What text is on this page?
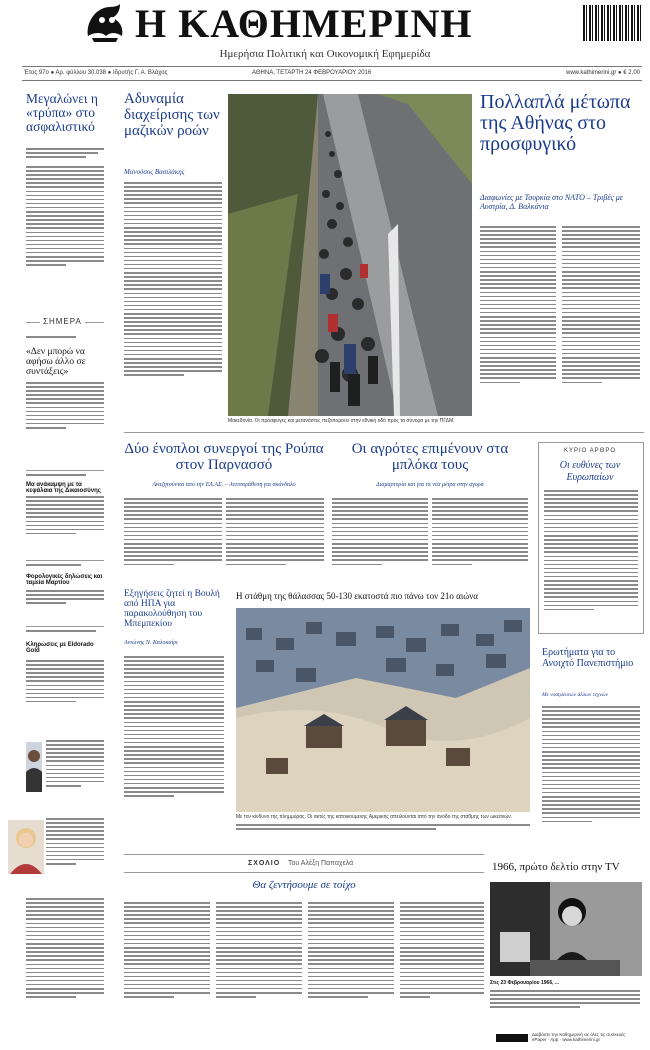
Η ΚΑΘΗΜΕΡΙΝΗ
Ημερήσια Πολιτική και Οικονομική Εφημερίδα
Έτος 97ο ● Αρ. φύλλου 30.038 ● Ιδρυτής Γ. Α. Βλάχος	ΑΘΗΝΑ, ΤΕΤΑΡΤΗ 24 ΦΕΒΡΟΥΑΡΙΟΥ 2016	www.kathimerini.gr ● € 2,00
Μεγαλώνει η «τρύπα» στο ασφαλιστικό
ΣΗΜΕΡΑ
«Δεν μπορώ να αφήσω άλλο σε συντάξεις»
Μα ανάκαμψη με τα κεφάλαια της Δικαιοσύνης
Φορολογικές δηλώσεις και ταμεία Μαρτίου
Κληρώσεις με Eldorado Gold
Αδυναμία διαχείρισης των μαζικών ροών
Μανούσος Βασιλάκης
Μακεδονία. Οι πρόσφυγες και μετανάστες πεζοπορούν στην εθνική οδό προς τα σύνορα με την ΠΓΔΜ.
Πολλαπλά μέτωπα της Αθήνας στο προσφυγικό
Διαφωνίες με Τουρκία στο ΝΑΤΟ – Τριβές με Αυστρία, Δ. Βαλκάνια
Δύο ένοπλοι συνεργοί της Ρούπα στον Παρνασσό
Αναζητούνται από την ΕΛ.ΑΣ. – Αντιπαράθεση για σκάνδαλο
Οι αγρότες επιμένουν στα μπλόκα τους
Διαμαρτυρία και για τα νέα μέτρα στην αγορά
ΚΥΡΙΟ ΑΡΘΡΟ
Οι ευθύνες των Ευρωπαίων
Εξηγήσεις ζητεί η Βουλή από ΗΠΑ για παρακολούθηση του Μπεμπεκίου
Αντώνης Ν. Καλοκαίρι
Η στάθμη της θάλασσας 50-130 εκατοστά πιο πάνω τον 21ο αιώνα
Με τον κίνδυνο της πλημμύρας. Οι ακτές της κατοικούμενης Αμερικής απειλούνται από την άνοδο της στάθμης των ωκεανών.
Ερωτήματα για το Ανοιχτό Πανεπιστήμιο
Με νοσηλευτών άλλων τεχνών
ΣΧΟΛΙΟ Του Αλέξη Παπαχελά
Θα ζεντήσουμε σε τοίχο
1966, πρώτο δελτίο στην TV
Στις 23 Φεβρουαρίου 1966, ...
Διαβάστε την Καθημερινή σε όλες τις συσκευές
ePaper · App · www.kathimerini.gr
